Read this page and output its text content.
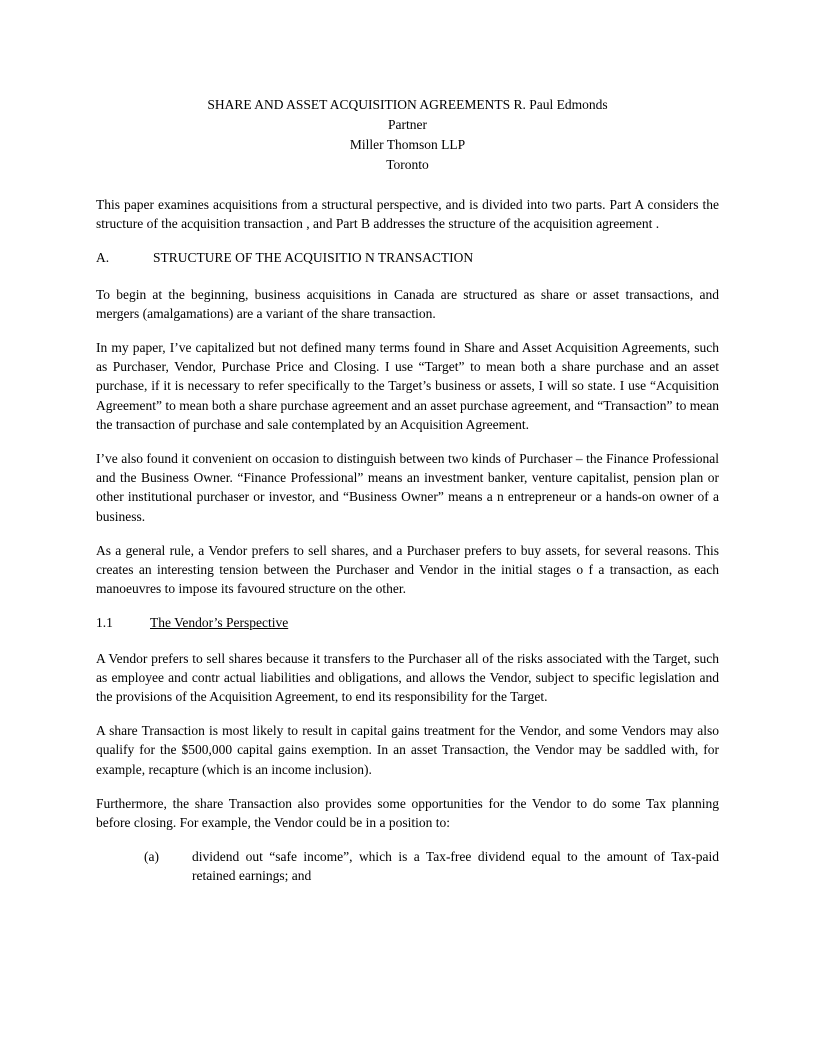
SHARE AND ASSET ACQUISITION AGREEMENTS R. Paul Edmonds
Partner
Miller Thomson LLP
Toronto

This paper examines acquisitions from a structural perspective, and is divided into two parts. Part A considers the structure of the acquisition transaction , and Part B addresses the structure of the acquisition agreement .

A.	STRUCTURE OF THE ACQUISITIO N TRANSACTION

To begin at the beginning, business acquisitions in Canada are structured as share or asset transactions, and mergers (amalgamations) are a variant of the share transaction.

In my paper, I’ve capitalized but not defined many terms found in Share and Asset Acquisition Agreements, such as Purchaser, Vendor, Purchase Price and Closing. I use “Target” to mean both a share purchase and an asset purchase, if it is necessary to refer specifically to the Target’s business or assets, I will so state. I use “Acquisition Agreement” to mean both a share purchase agreement and an asset purchase agreement, and “Transaction” to mean the transaction of purchase and sale contemplated by an Acquisition Agreement.

I’ve also found it convenient on occasion to distinguish between two kinds of Purchaser – the Finance Professional and the Business Owner. “Finance Professional” means an investment banker, venture capitalist, pension plan or other institutional purchaser or investor, and “Business Owner” means a n entrepreneur or a hands-on owner of a business.

As a general rule, a Vendor prefers to sell shares, and a Purchaser prefers to buy assets, for several reasons. This creates an interesting tension between the Purchaser and Vendor in the initial stages o f a transaction, as each manoeuvres to impose its favoured structure on the other.

1.1	The Vendor’s Perspective

A Vendor prefers to sell shares because it transfers to the Purchaser all of the risks associated with the Target, such as employee and contr actual liabilities and obligations, and allows the Vendor, subject to specific legislation and the provisions of the Acquisition Agreement, to end its responsibility for the Target.

A share Transaction is most likely to result in capital gains treatment for the Vendor, and some Vendors may also qualify for the $500,000 capital gains exemption. In an asset Transaction, the Vendor may be saddled with, for example, recapture (which is an income inclusion).

Furthermore, the share Transaction also provides some opportunities for the Vendor to do some Tax planning before closing. For example, the Vendor could be in a position to:

(a)	dividend out “safe income”, which is a Tax-free dividend equal to the amount of Tax-paid retained earnings; and
